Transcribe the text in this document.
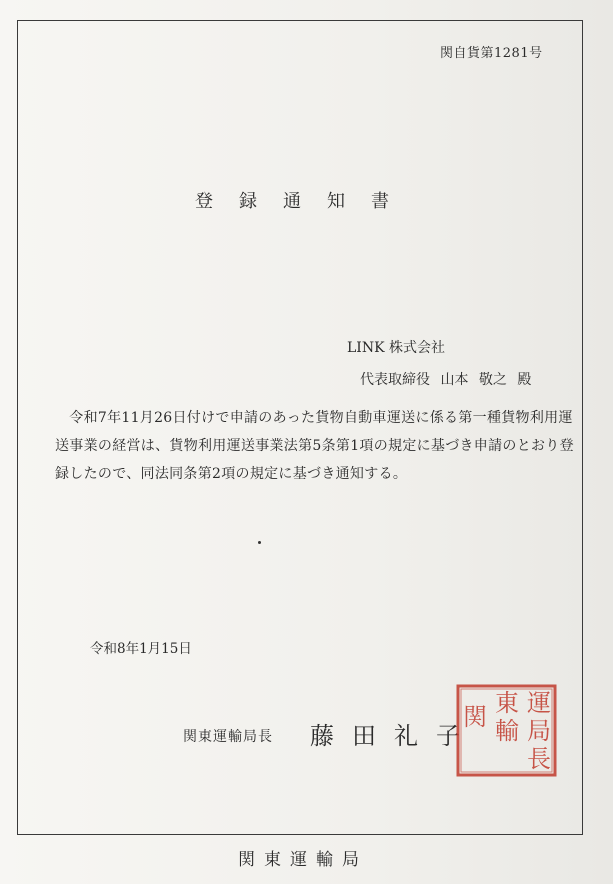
関自貨第1281号
登録通知書
LINK 株式会社
代表取締役 山本 敬之 殿

令和7年11月26日付けで申請のあった貨物自動車運送に係る第一種貨物利用運送事業の経営は、貨物利用運送事業法第5条第1項の規定に基づき申請のとおり登録したので、同法同条第2項の規定に基づき通知する。

令和8年1月15日
関東運輸局長 藤田礼子
運
局
長
東
輸
関
関東運輸局
